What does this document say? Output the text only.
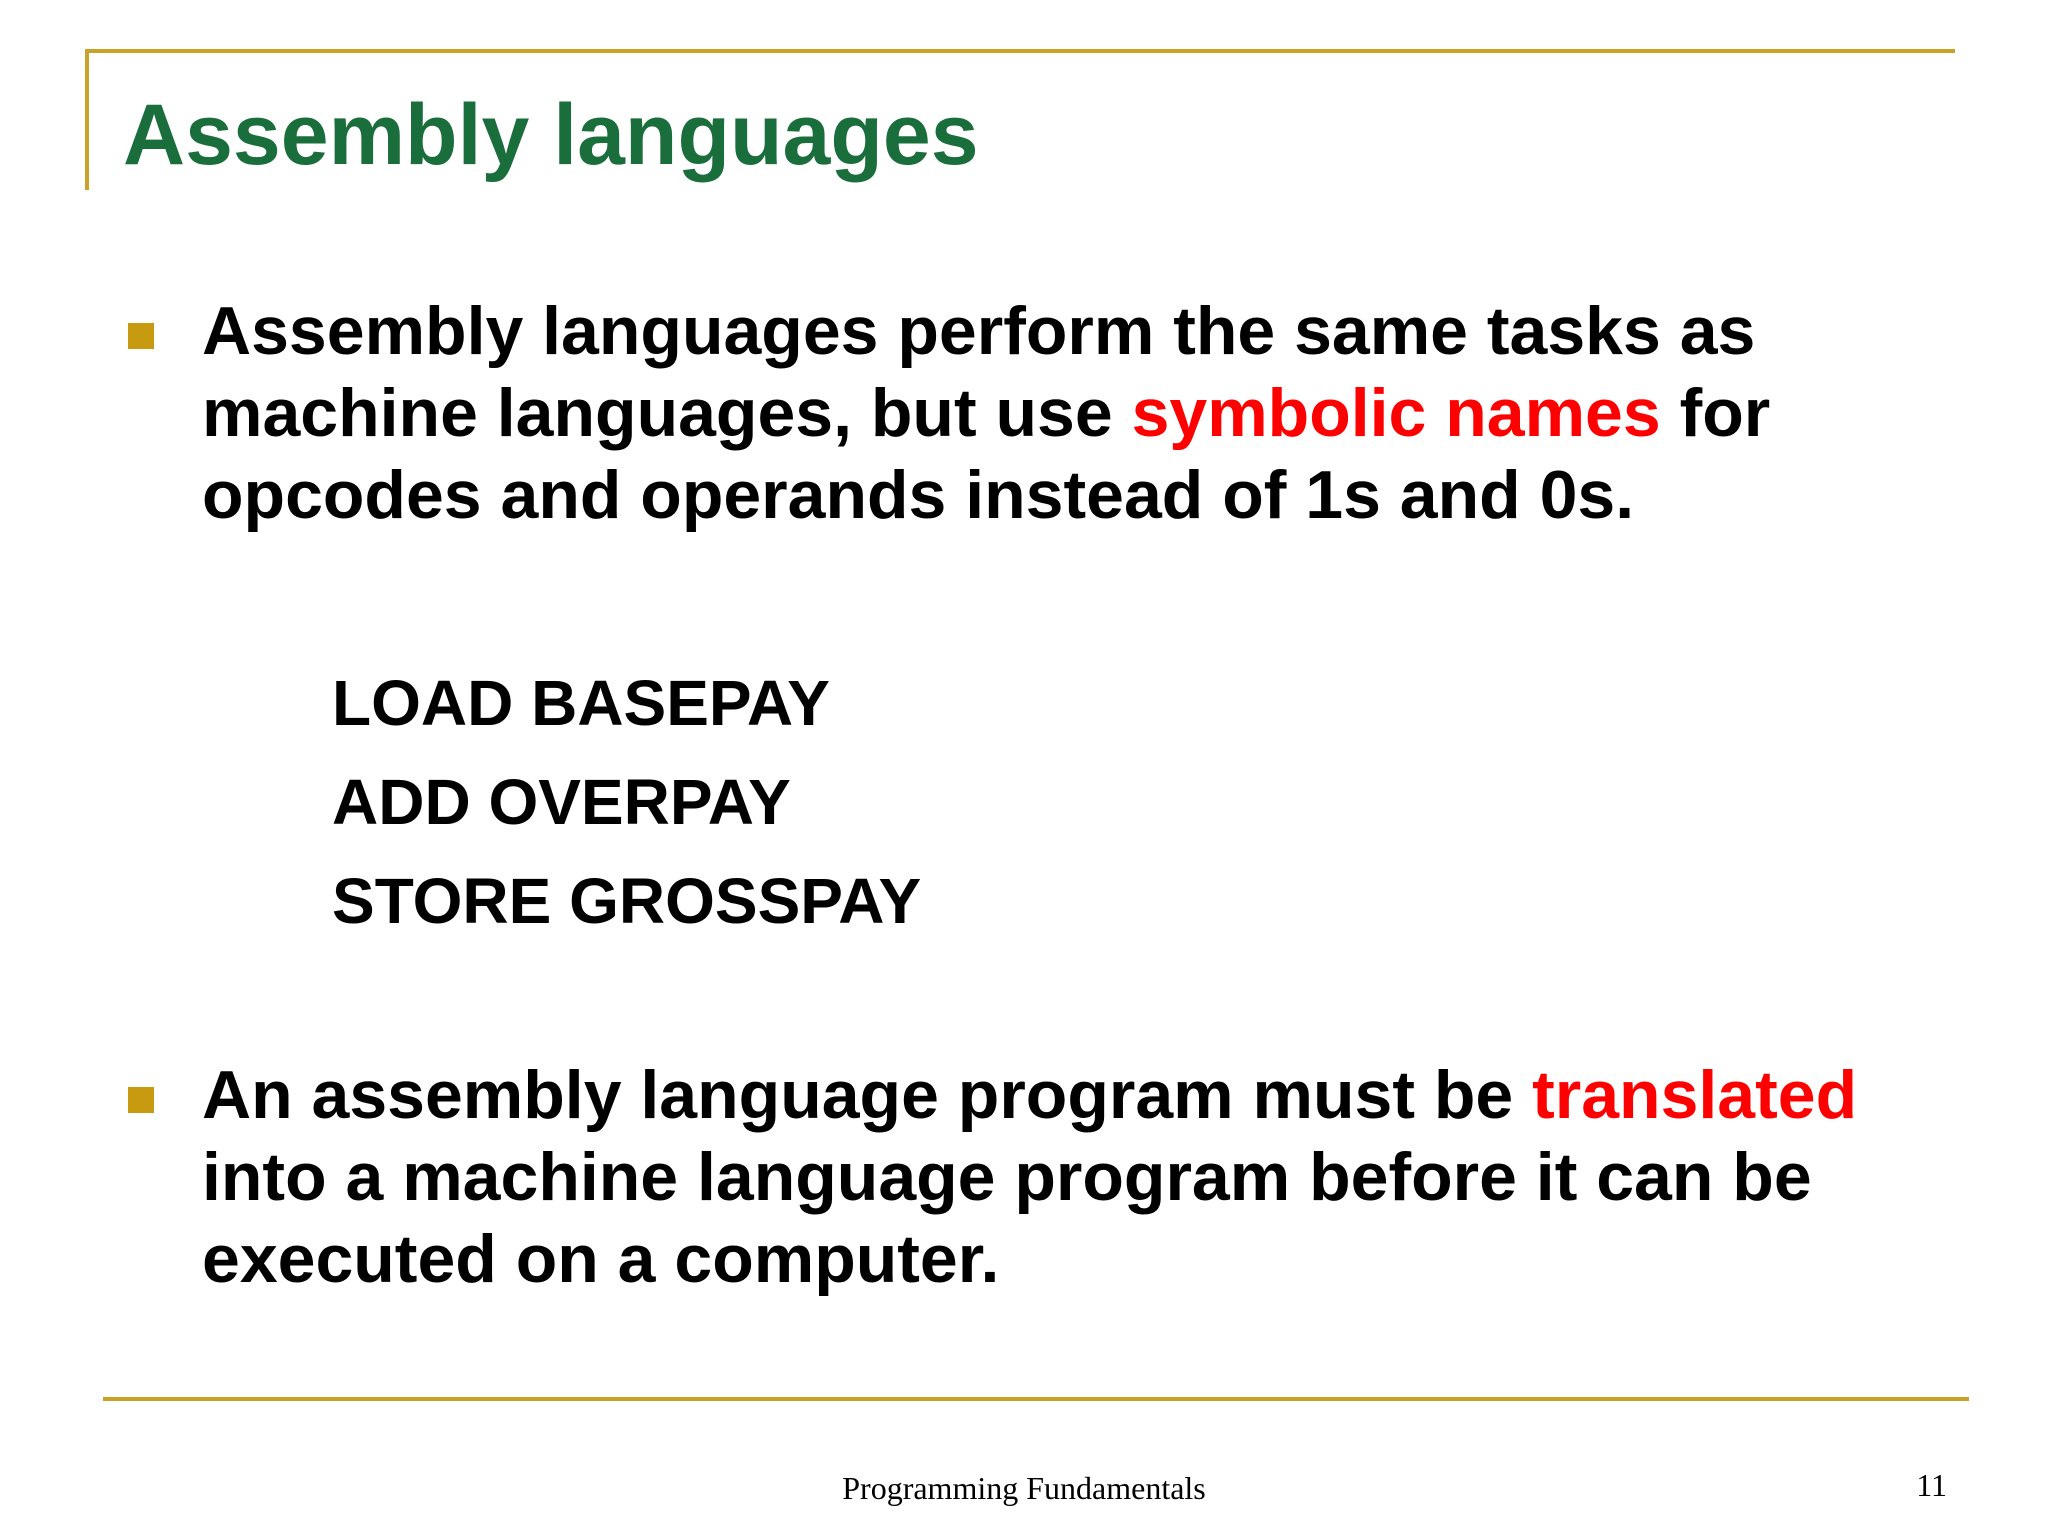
Assembly languages

Assembly languages perform the same tasks as
machine languages, but use symbolic names for
opcodes and operands instead of 1s and 0s.

LOAD BASEPAY
ADD OVERPAY
STORE GROSSPAY

An assembly language program must be translated
into a machine language program before it can be
executed on a computer.

Programming Fundamentals	11
